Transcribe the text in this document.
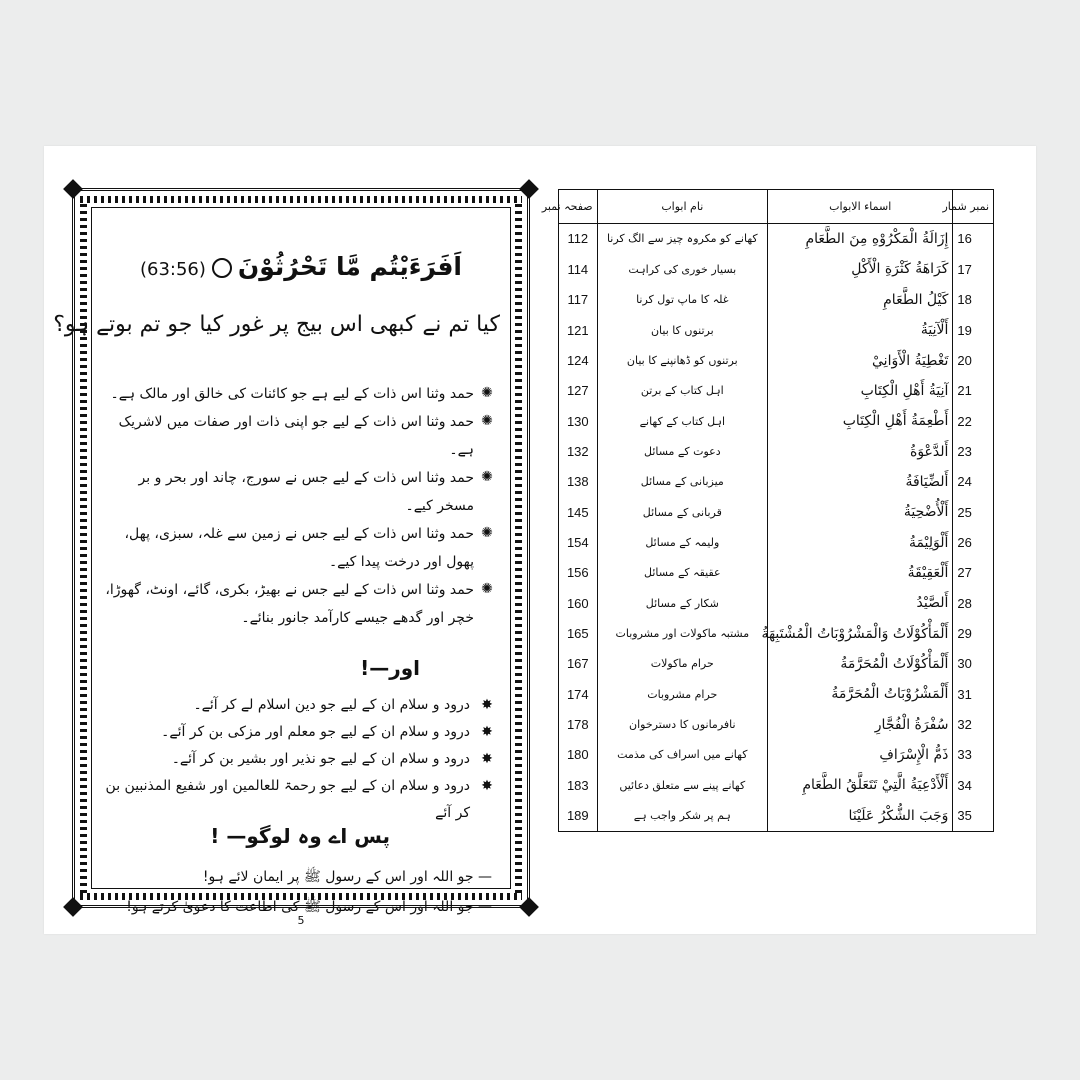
5
اَفَرَءَيْتُم مَّا تَحْرُثُوْنَ(63:56)
کیا تم نے کبھی اس بیج پر غور کیا جو تم بوتے ہو؟
✺
حمد وثنا اس ذات کے لیے ہے جو کائنات کی خالق اور مالک ہے۔
✺
حمد وثنا اس ذات کے لیے جو اپنی ذات اور صفات میں لاشریک ہے۔
✺
حمد وثنا اس ذات کے لیے جس نے سورج، چاند اور بحر و بر مسخر کیے۔
✺
حمد وثنا اس ذات کے لیے جس نے زمین سے غلہ، سبزی، پھل، پھول اور درخت پیدا کیے۔
✺
حمد وثنا اس ذات کے لیے جس نے بھیڑ، بکری، گائے، اونٹ، گھوڑا، خچر اور گدھے جیسے کارآمد جانور بنائے۔
اور—!
✸
درود و سلام ان کے لیے جو دین اسلام لے کر آئے۔
✸
درود و سلام ان کے لیے جو معلم اور مزکی بن کر آئے۔
✸
درود و سلام ان کے لیے جو نذیر اور بشیر بن کر آئے۔
✸
درود و سلام ان کے لیے جو رحمۃ للعالمین اور شفیع المذنبین بن کر آئے
پس اے وہ لوگو— !
— جو اللہ اور اس کے رسول ﷺ پر ایمان لائے ہو!
— جو اللہ اور اس کے رسول ﷺ کی اطاعت کا دعویٰ کرتے ہو!
نمبر شمار	اسماء الابواب	نام ابواب	صفحہ نمبر
16	إِزَالَةُ الْمَكْرُوْهِ مِنَ الطَّعَامِ	کھانے کو مکروہ چیز سے الگ کرنا	112
17	كَرَاهَةُ كَثْرَةِ الْأَكْلِ	بسیار خوری کی کراہت	114
18	كَيْلُ الطَّعَامِ	غلہ کا ماپ تول کرنا	117
19	أَلْآنِيَةُ	برتنوں کا بیان	121
20	تَغْطِيَةُ الْأَوَانِيْ	برتنوں کو ڈھانپنے کا بیان	124
21	آنِيَةُ أَهْلِ الْكِتَابِ	اہل کتاب کے برتن	127
22	أَطْعِمَةُ أَهْلِ الْكِتَابِ	اہل کتاب کے کھانے	130
23	أَلدَّعْوَةُ	دعوت کے مسائل	132
24	أَلضِّيَافَةُ	میزبانی کے مسائل	138
25	أَلْأُضْحِيَةُ	قربانی کے مسائل	145
26	أَلْوَلِيْمَةُ	ولیمہ کے مسائل	154
27	أَلْعَقِيْقَةُ	عقیقہ کے مسائل	156
28	أَلصَّيْدُ	شکار کے مسائل	160
29	أَلْمَأْكُوْلَاتُ وَالْمَشْرُوْبَاتُ الْمُشْتَبِهَةُ	مشتبہ ماکولات اور مشروبات	165
30	أَلْمَأْكُوْلَاتُ الْمُحَرَّمَةُ	حرام ماکولات	167
31	أَلْمَشْرُوْبَاتُ الْمُحَرَّمَةُ	حرام مشروبات	174
32	سُفْرَةُ الْفُجَّارِ	نافرمانوں کا دسترخوان	178
33	ذَمُّ الْإِسْرَافِ	کھانے میں اسراف کی مذمت	180
34	أَلْأَدْعِيَةُ الَّتِيْ تَتَعَلَّقُ الطَّعَامِ	کھانے پینے سے متعلق دعائیں	183
35	وَجَبَ الشُّكْرُ عَلَيْنَا	ہم پر شکر واجب ہے	189
